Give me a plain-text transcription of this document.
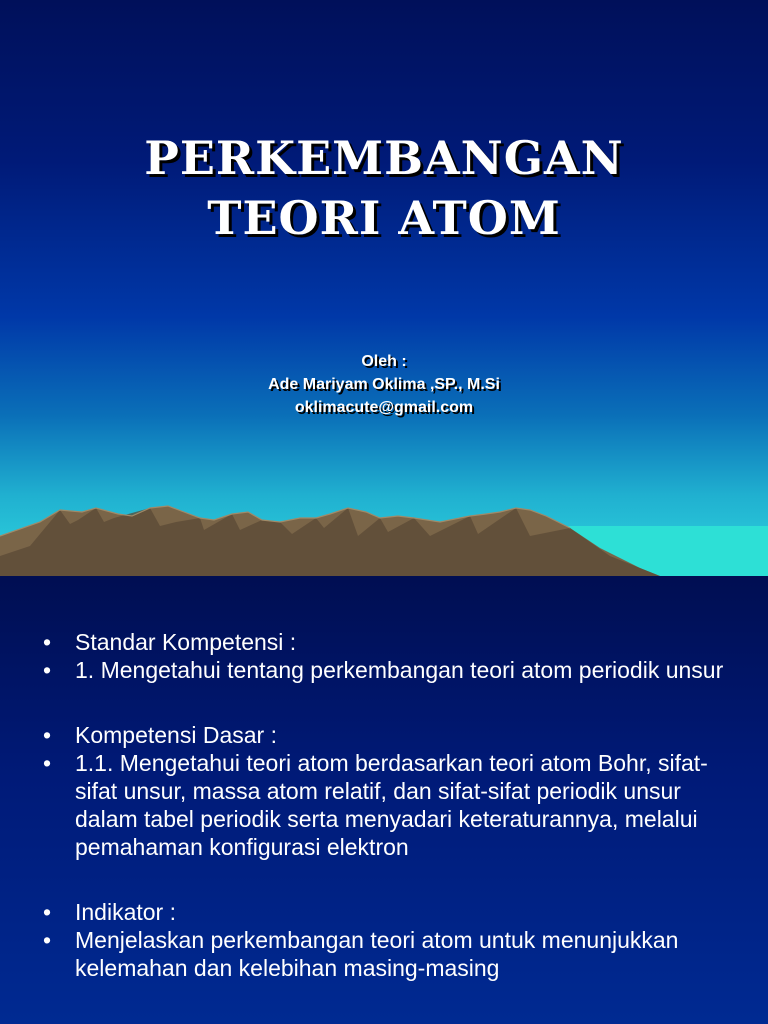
PERKEMBANGAN
TEORI ATOM
Oleh :
Ade Mariyam Oklima ,SP., M.Si
oklimacute@gmail.com
• Standar Kompetensi :
• 1. Mengetahui tentang perkembangan teori atom periodik unsur
• Kompetensi Dasar :
• 1.1. Mengetahui teori atom berdasarkan teori atom Bohr, sifat-sifat unsur, massa atom relatif, dan sifat-sifat periodik unsur dalam tabel periodik serta menyadari keteraturannya, melalui pemahaman konfigurasi elektron
• Indikator :
• Menjelaskan perkembangan teori atom untuk menunjukkan kelemahan dan kelebihan masing-masing
